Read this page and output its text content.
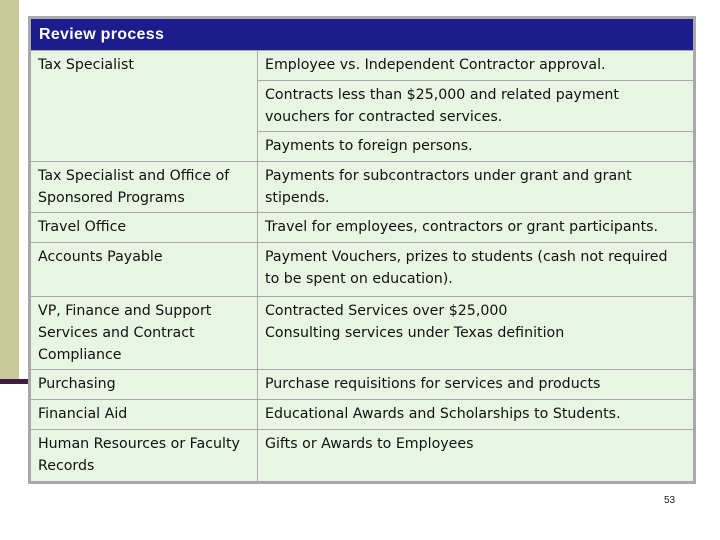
Review process	
Tax Specialist	Employee vs. Independent Contractor approval.
	Contracts less than $25,000 and related payment vouchers for contracted services.
	Payments to foreign persons.
Tax Specialist and Office of Sponsored Programs	Payments for subcontractors under grant and grant stipends.
Travel Office	Travel for employees, contractors or grant participants.
Accounts Payable	Payment Vouchers, prizes to students (cash not required to be spent on education).
VP, Finance and Support Services and Contract Compliance	Contracted Services over $25,000
Consulting services under Texas definition

Purchasing	Purchase requisitions for services and products
Financial Aid	Educational Awards and Scholarships to Students.
Human Resources or Faculty Records	Gifts or Awards to Employees
53
